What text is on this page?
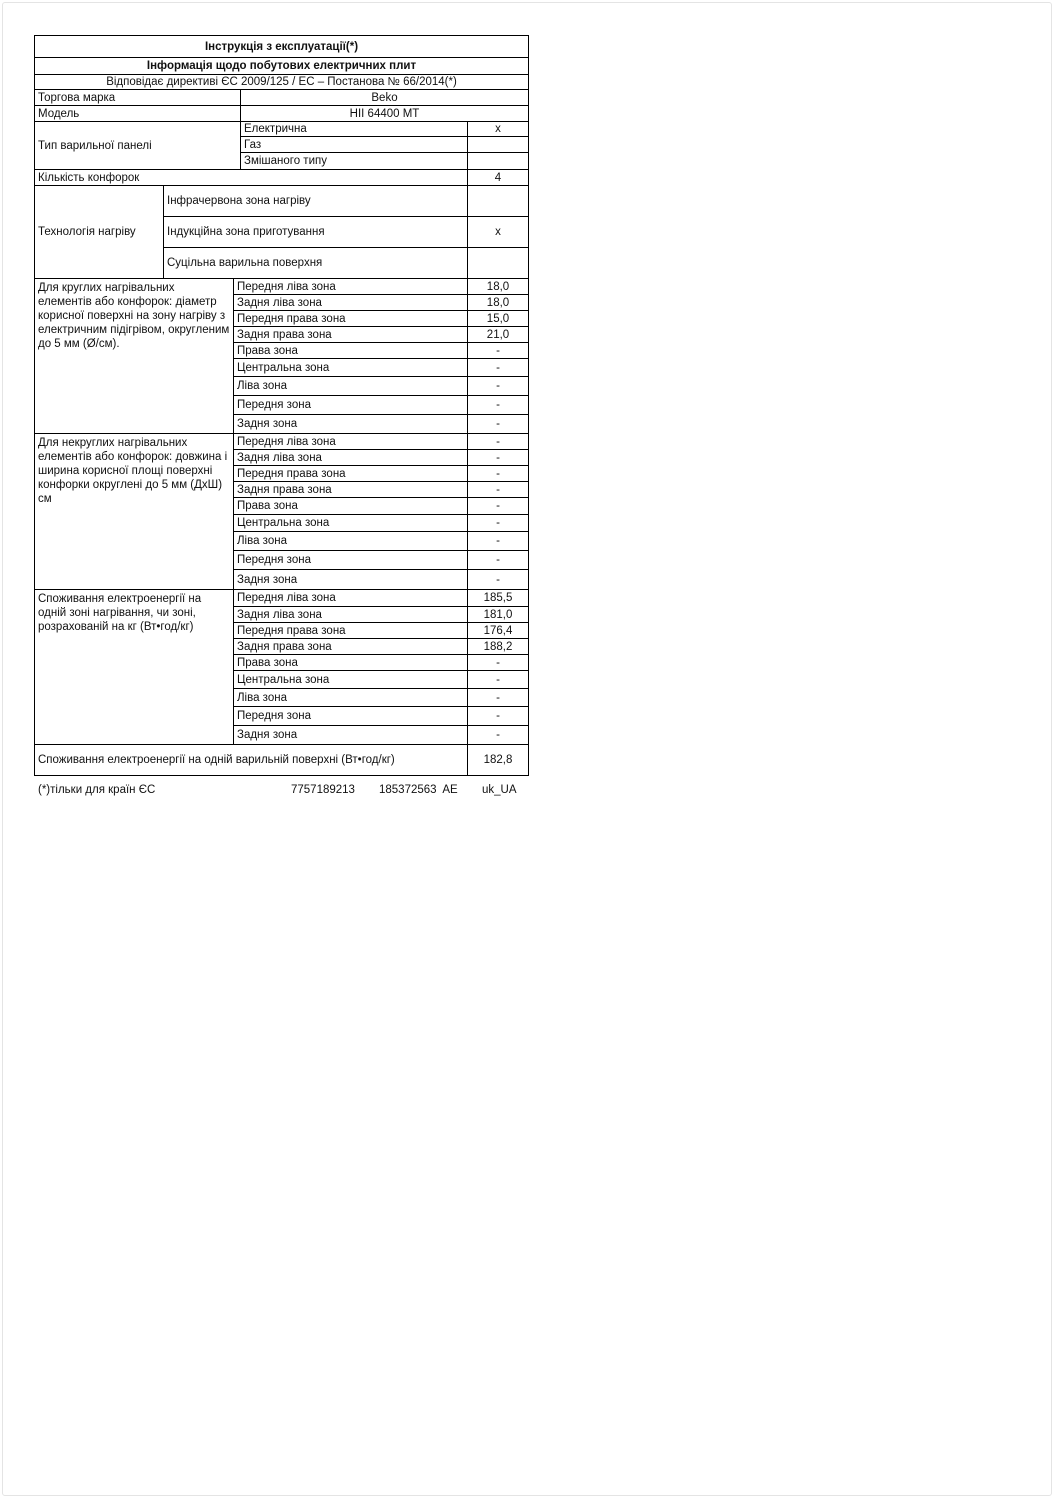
Інструкція з експлуатації(*)
Інформація щодо побутових електричних плит
Відповідає директиві ЄС 2009/125 / ЕС – Постанова № 66/2014(*)
Торгова марка	Beko
Модель	HII 64400 MT
Тип варильної панелі
Електрична	x
Газ
Змішаного типу
Кількість конфорок	4
Технологія нагріву
Інфрачервона зона нагріву
Індукційна зона приготування	x
Суцільна варильна поверхня
Для круглих нагрівальних елементів або конфорок: діаметр корисної поверхні на зону нагріву з електричним підігрівом, округленим до 5 мм (Ø/см).
Передня ліва зона	18,0
Задня ліва зона	18,0
Передня права зона	15,0
Задня права зона	21,0
Права зона	-
Центральна зона	-
Ліва зона	-
Передня зона	-
Задня зона	-
Для некруглих нагрівальних елементів або конфорок: довжина і ширина корисної площі поверхні конфорки округлені до 5 мм (ДхШ) см
Передня ліва зона	-
Задня ліва зона	-
Передня права зона	-
Задня права зона	-
Права зона	-
Центральна зона	-
Ліва зона	-
Передня зона	-
Задня зона	-
Споживання електроенергії на одній зоні нагрівання, чи зоні, розрахованій на кг (Вт•год/кг)
Передня ліва зона	185,5
Задня ліва зона	181,0
Передня права зона	176,4
Задня права зона	188,2
Права зона	-
Центральна зона	-
Ліва зона	-
Передня зона	-
Задня зона	-
Споживання електроенергії на одній варильній поверхні (Вт•год/кг)	182,8
(*)тільки для країн ЄС	7757189213 185372563  AE uk_UA
